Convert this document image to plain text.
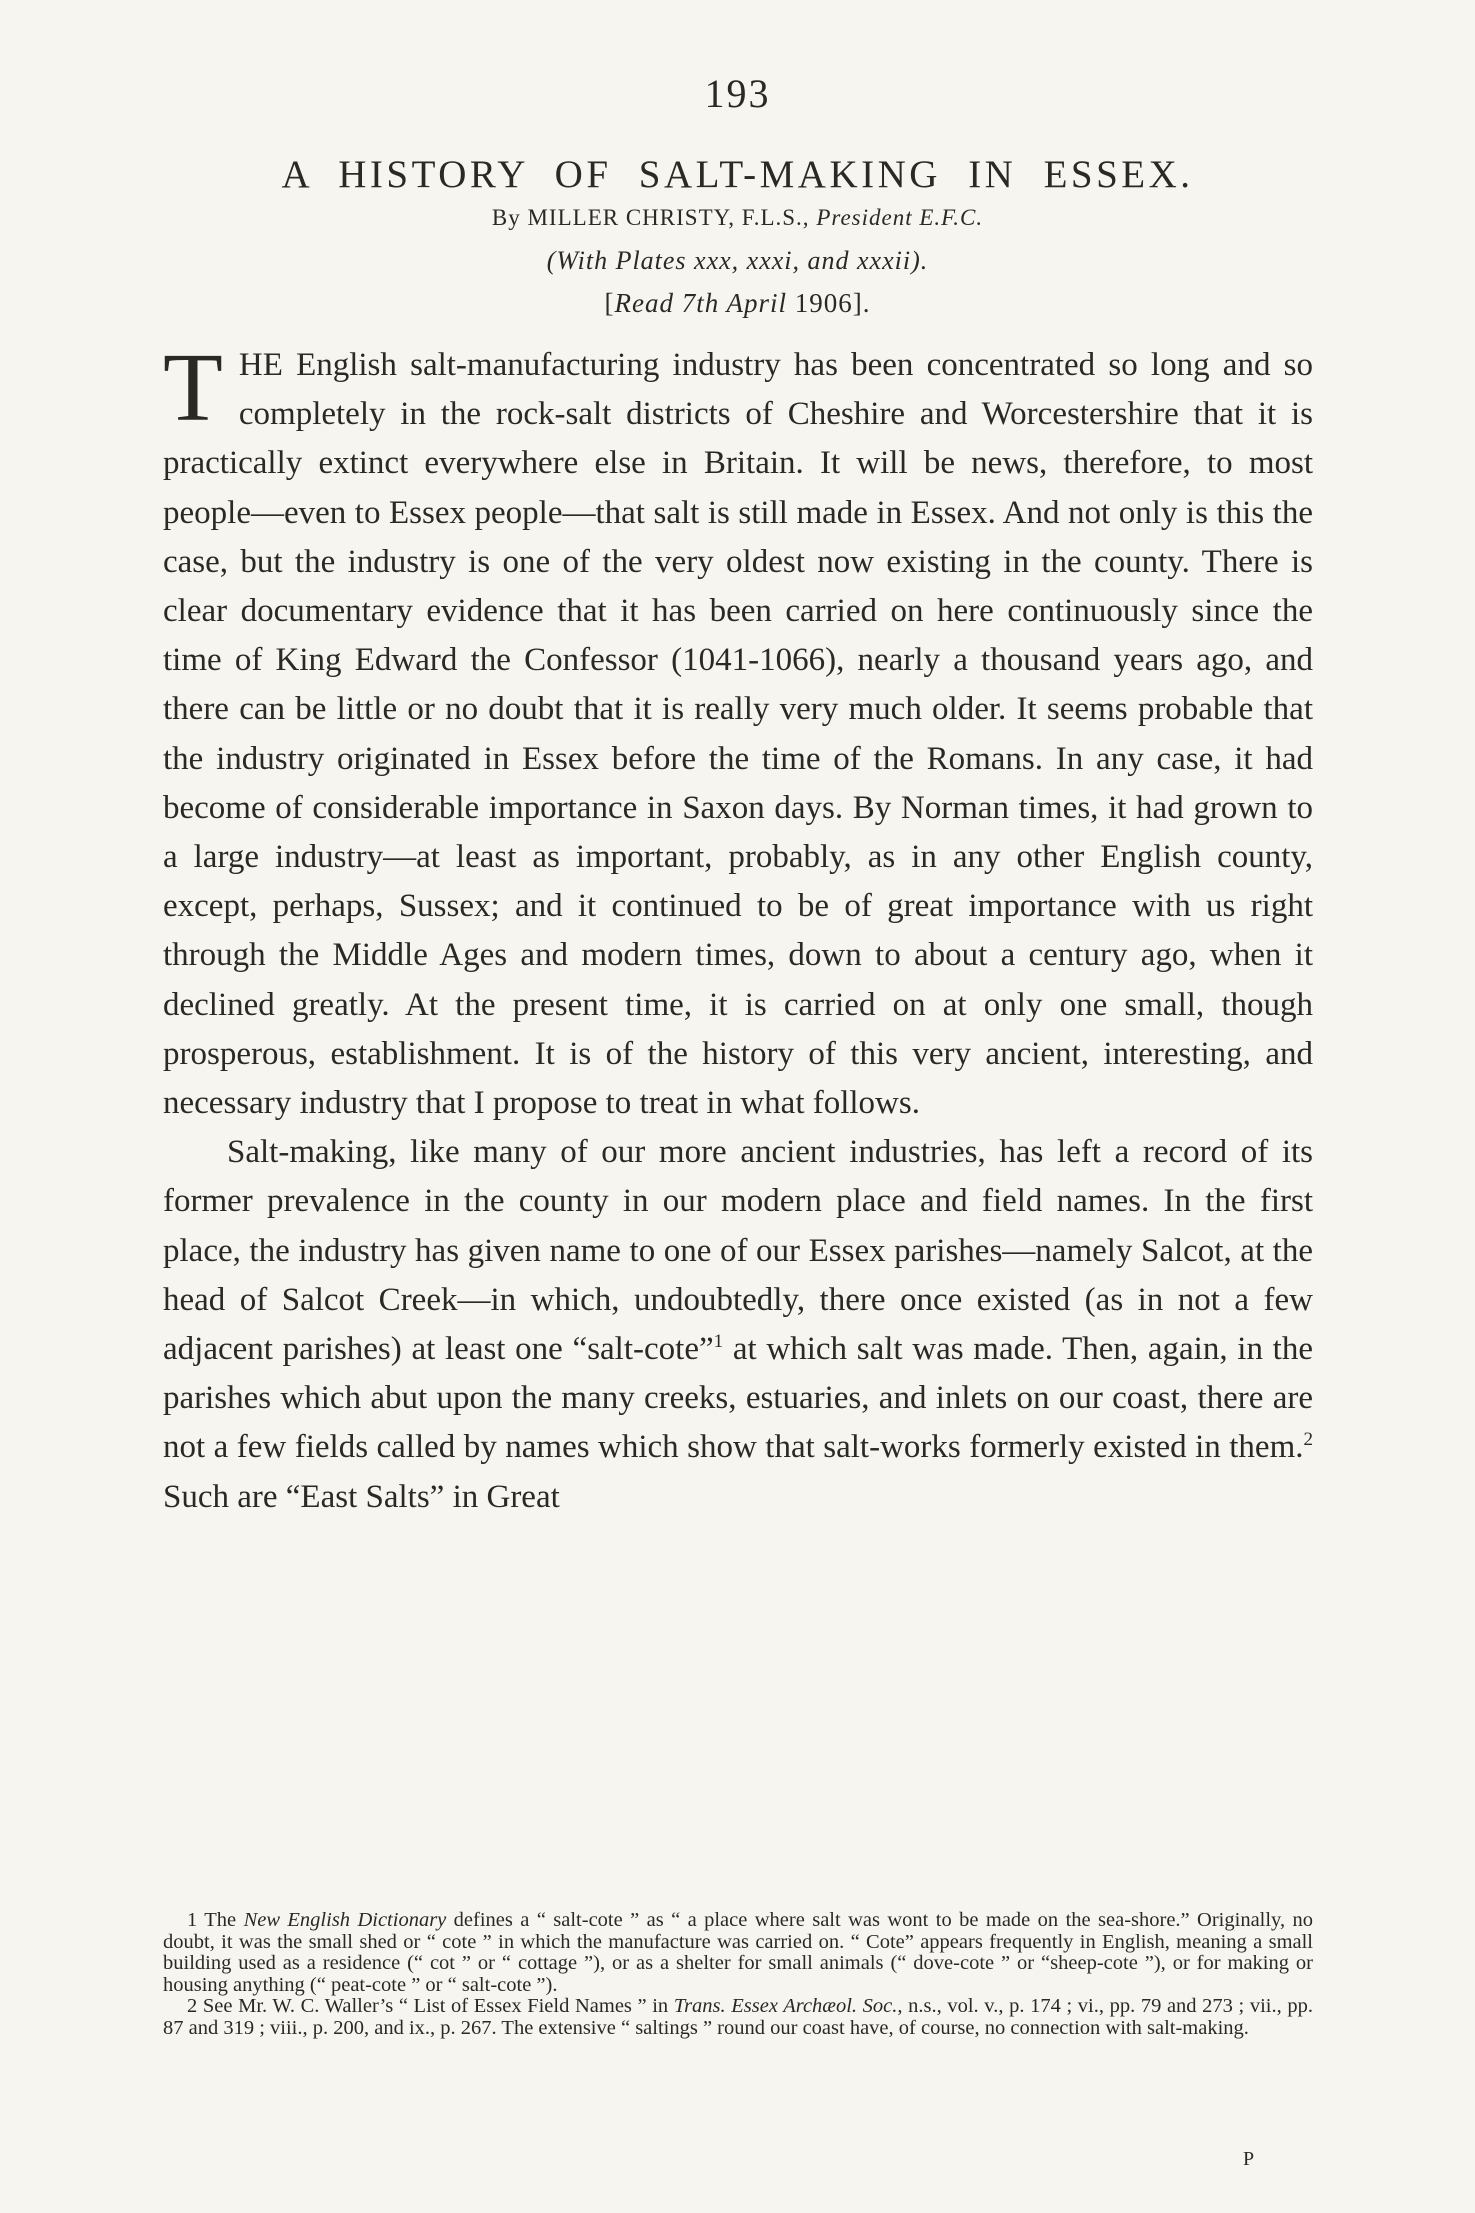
193
A HISTORY OF SALT-MAKING IN ESSEX.
By MILLER CHRISTY, F.L.S., President E.F.C.
(With Plates xxx, xxxi, and xxxii).
[Read 7th April 1906].

THE English salt-manufacturing industry has been concentrated so long and so completely in the rock-salt districts of Cheshire and Worcestershire that it is practically extinct everywhere else in Britain. It will be news, therefore, to most people—even to Essex people—that salt is still made in Essex. And not only is this the case, but the industry is one of the very oldest now existing in the county. There is clear documentary evidence that it has been carried on here continuously since the time of King Edward the Confessor (1041-1066), nearly a thousand years ago, and there can be little or no doubt that it is really very much older. It seems probable that the industry originated in Essex before the time of the Romans. In any case, it had become of considerable importance in Saxon days. By Norman times, it had grown to a large industry—at least as important, probably, as in any other English county, except, perhaps, Sussex; and it continued to be of great importance with us right through the Middle Ages and modern times, down to about a century ago, when it declined greatly. At the present time, it is carried on at only one small, though prosperous, establishment. It is of the history of this very ancient, interesting, and necessary industry that I propose to treat in what follows.

Salt-making, like many of our more ancient industries, has left a record of its former prevalence in the county in our modern place and field names. In the first place, the industry has given name to one of our Essex parishes—namely Salcot, at the head of Salcot Creek—in which, undoubtedly, there once existed (as in not a few adjacent parishes) at least one “salt-cote”$^1$ at which salt was made. Then, again, in the parishes which abut upon the many creeks, estuaries, and inlets on our coast, there are not a few fields called by names which show that salt-works formerly existed in them.$^2$ Such are “East Salts” in Great

1 The New English Dictionary defines a “ salt-cote ” as “ a place where salt was wont to be made on the sea-shore.” Originally, no doubt, it was the small shed or “ cote ” in which the manufacture was carried on. “ Cote” appears frequently in English, meaning a small building used as a residence (“ cot ” or “ cottage ”), or as a shelter for small animals (“ dove-cote ” or “sheep-cote ”), or for making or housing anything (“ peat-cote ” or “ salt-cote ”).

2 See Mr. W. C. Waller’s “ List of Essex Field Names ” in Trans. Essex Archæol. Soc., n.s., vol. v., p. 174 ; vi., pp. 79 and 273 ; vii., pp. 87 and 319 ; viii., p. 200, and ix., p. 267. The extensive “ saltings ” round our coast have, of course, no connection with salt-making.

P
